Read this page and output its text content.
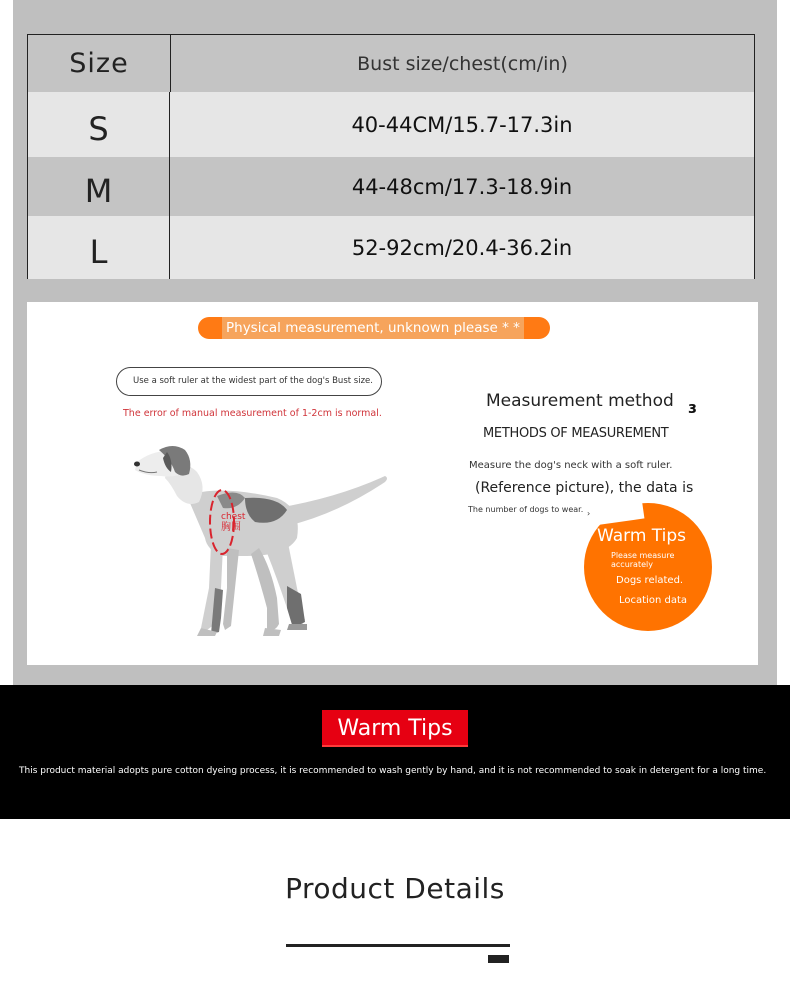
Size	Bust size/chest(cm/in)
S	40-44CM/15.7-17.3in
M	44-48cm/17.3-18.9in
L	52-92cm/20.4-36.2in
Physical measurement, unknown please * *
Use a soft ruler at the widest part of the dog's Bust size.
The error of manual measurement of 1-2cm is normal.
chest
胸围
Measurement method ɜ
METHODS OF MEASUREMENT
Measure the dog's neck with a soft ruler.
(Reference picture), the data is
The number of dogs to wear. ›
Warm Tips
Please measure accurately
Dogs related.
Location data
Warm Tips
This product material adopts pure cotton dyeing process, it is recommended to wash gently by hand, and it is not recommended to soak in detergent for a long time.
Product Details
